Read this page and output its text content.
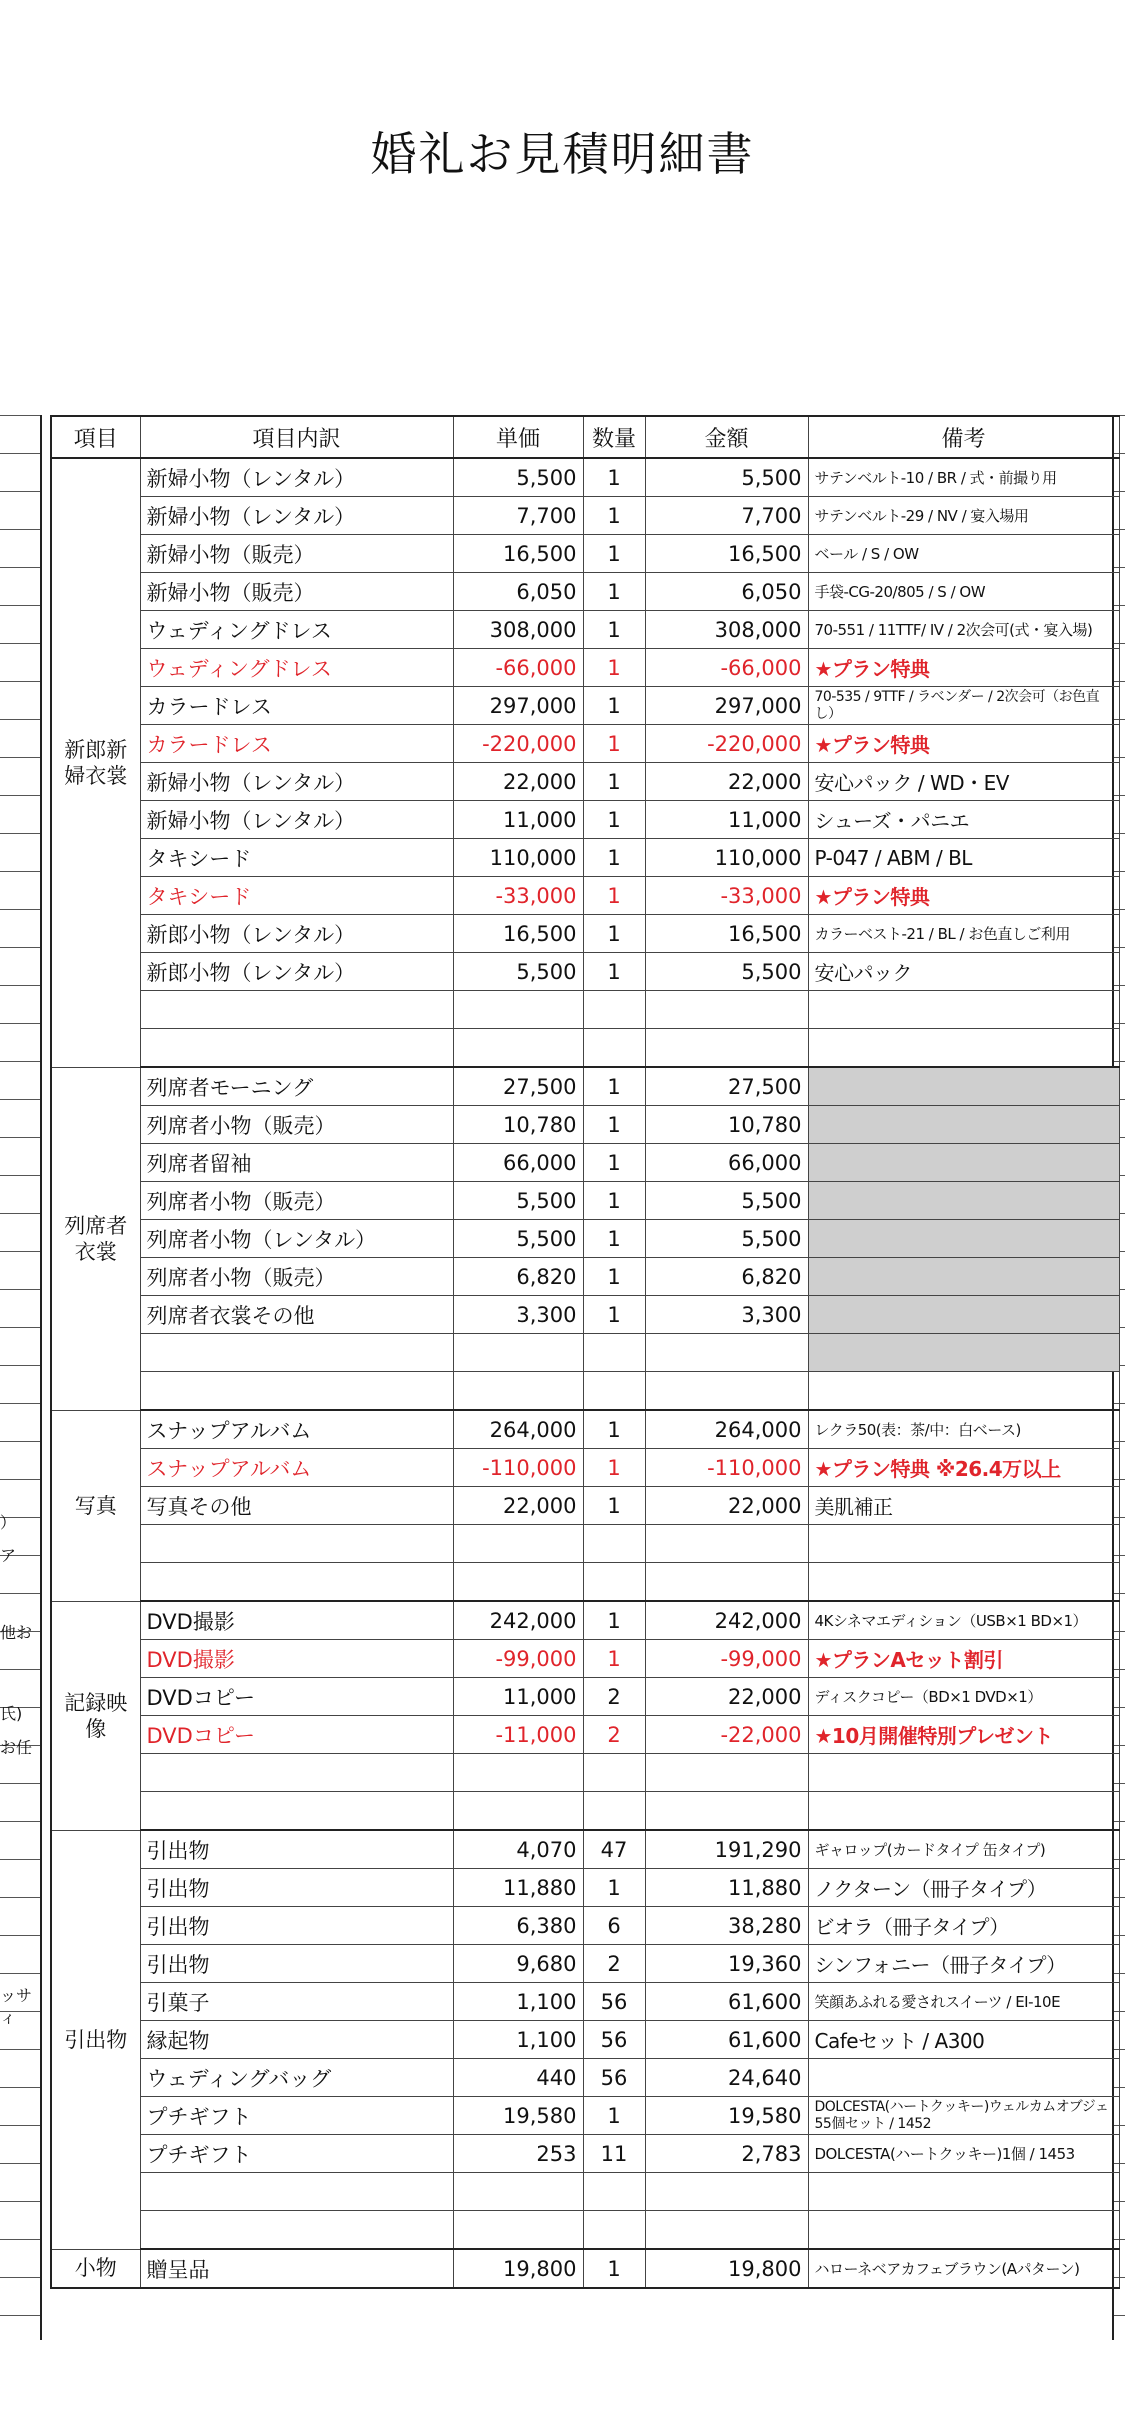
婚礼お見積明細書
）
ア
他お
氏)
お任
ッサ
ィ
項目	項目内訳	単価	数量	金額	備考
新郎新婦衣裳	新婦小物（レンタル）	5,500	1	5,500	サテンベルト-10 / BR / 式・前撮り用
	新婦小物（レンタル）	7,700	1	7,700	サテンベルト-29 / NV / 宴入場用
	新婦小物（販売）	16,500	1	16,500	ベール / S / OW
	新婦小物（販売）	6,050	1	6,050	手袋-CG-20/805 / S / OW
	ウェディングドレス	308,000	1	308,000	70-551 / 11TTF/ IV / 2次会可(式・宴入場)
	ウェディングドレス	-66,000	1	-66,000	★プラン特典
	カラードレス	297,000	1	297,000	70-535 / 9TTF / ラベンダー / 2次会可（お色直し）
	カラードレス	-220,000	1	-220,000	★プラン特典
	新婦小物（レンタル）	22,000	1	22,000	安心パック / WD・EV
	新婦小物（レンタル）	11,000	1	11,000	シューズ・パニエ
	タキシード	110,000	1	110,000	P-047 / ABM / BL
	タキシード	-33,000	1	-33,000	★プラン特典
	新郎小物（レンタル）	16,500	1	16,500	カラーベスト-21 / BL / お色直しご利用
	新郎小物（レンタル）	5,500	1	5,500	安心パック

列席者衣裳	列席者モーニング	27,500	1	27,500	
	列席者小物（販売）	10,780	1	10,780	
	列席者留袖	66,000	1	66,000	
	列席者小物（販売）	5,500	1	5,500	
	列席者小物（レンタル）	5,500	1	5,500	
	列席者小物（販売）	6,820	1	6,820	
	列席者衣裳その他	3,300	1	3,300	

写真	スナップアルバム	264,000	1	264,000	レクラ50(表：茶/中：白ベース)
	スナップアルバム	-110,000	1	-110,000	★プラン特典 ※26.4万以上
	写真その他	22,000	1	22,000	美肌補正

記録映像	DVD撮影	242,000	1	242,000	4Kシネマエディション（USB×1 BD×1）
	DVD撮影	-99,000	1	-99,000	★プランAセット割引
	DVDコピー	11,000	2	22,000	ディスクコピー（BD×1 DVD×1）
	DVDコピー	-11,000	2	-22,000	★10月開催特別プレゼント

引出物	引出物	4,070	47	191,290	ギャロップ(カードタイプ 缶タイプ)
	引出物	11,880	1	11,880	ノクターン（冊子タイプ）
	引出物	6,380	6	38,280	ビオラ（冊子タイプ）
	引出物	9,680	2	19,360	シンフォニー（冊子タイプ）
	引菓子	1,100	56	61,600	笑顔あふれる愛されスイーツ / EI-10E
	縁起物	1,100	56	61,600	Cafeセット / A300
	ウェディングバッグ	440	56	24,640	
	プチギフト	19,580	1	19,580	DOLCESTA(ハートクッキー)ウェルカムオブジェ55個セット / 1452
	プチギフト	253	11	2,783	DOLCESTA(ハートクッキー)1個 / 1453

小物	贈呈品	19,800	1	19,800	ハローネベアカフェブラウン(Aパターン)
